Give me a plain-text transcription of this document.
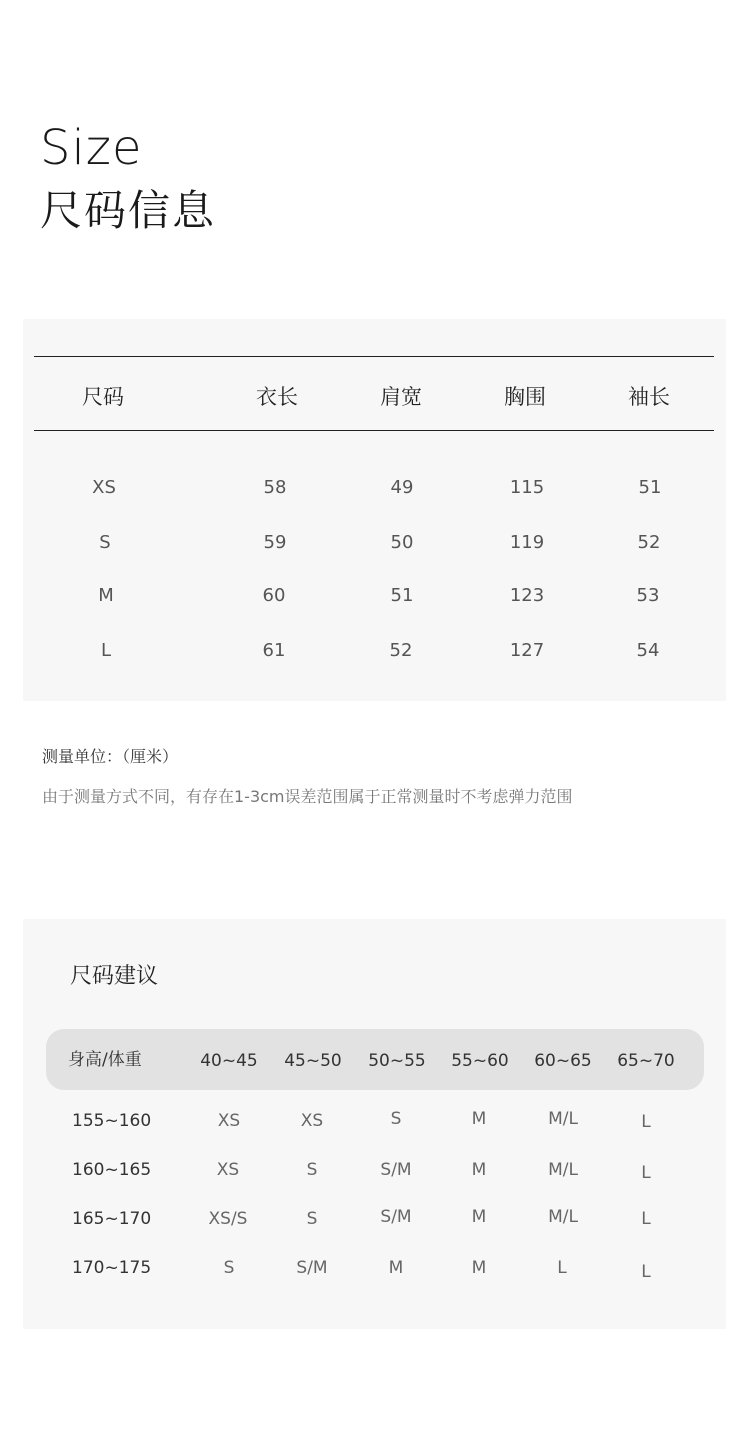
Size
尺码信息
尺码	衣长	肩宽	胸围	袖长
XS	58	49	115	51
S	59	50	119	52
M	60	51	123	53
L	61	52	127	54
测量单位：（厘米）
由于测量方式不同，有存在1-3cm误差范围属于正常测量时不考虑弹力范围
尺码建议
身高/体重	40~45	45~50	50~55	55~60	60~65	65~70
155~160	XS	XS	S	M	M/L	L
160~165	XS	S	S/M	M	M/L	L
165~170	XS/S	S	S/M	M	M/L	L
170~175	S	S/M	M	M	L	L
